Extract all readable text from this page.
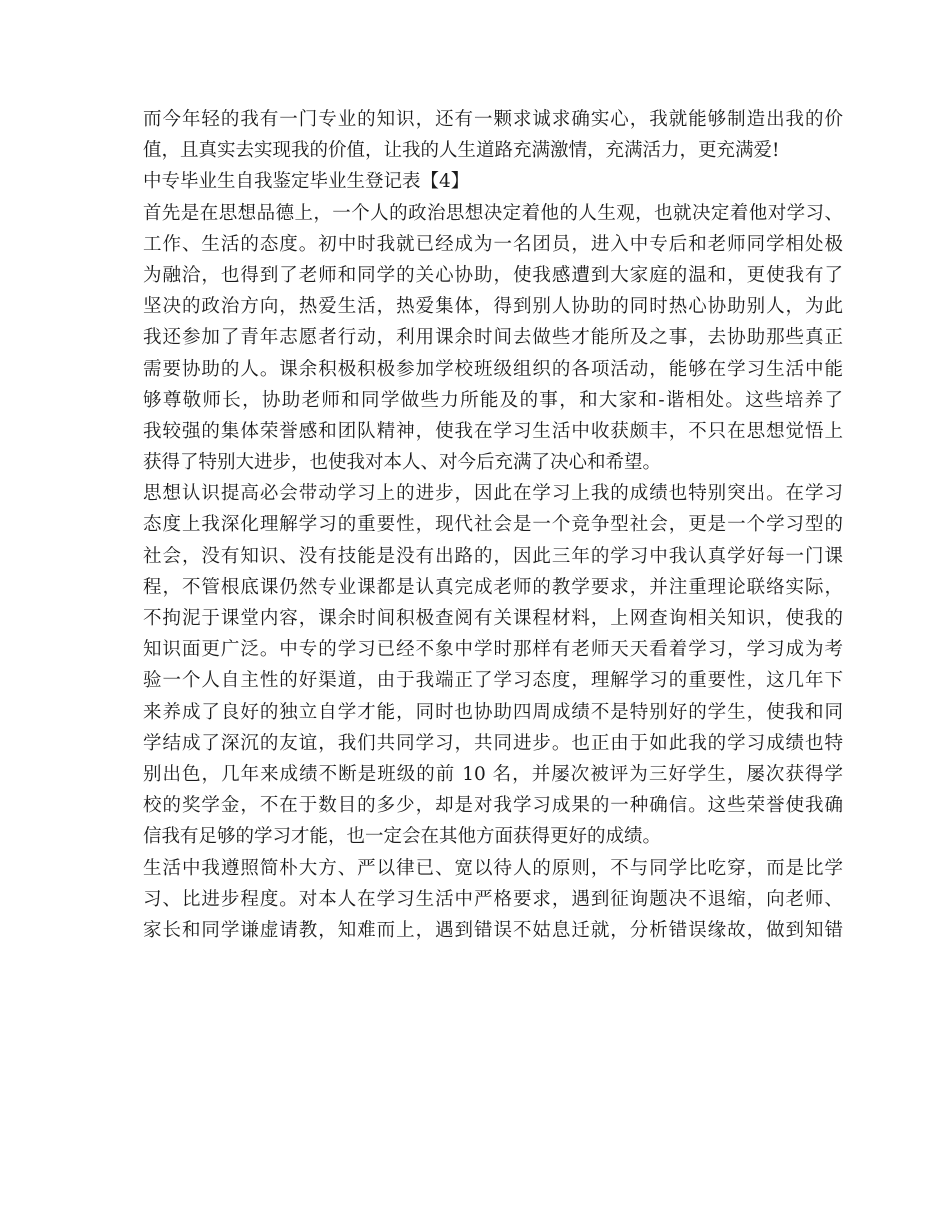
而今年轻的我有一门专业的知识，还有一颗求诚求确实心，我就能够制造出我的价
值，且真实去实现我的价值，让我的人生道路充满激情，充满活力，更充满爱!
中专毕业生自我鉴定毕业生登记表【4】
首先是在思想品德上，一个人的政治思想决定着他的人生观，也就决定着他对学习、
工作、生活的态度。初中时我就已经成为一名团员，进入中专后和老师同学相处极
为融洽，也得到了老师和同学的关心协助，使我感遭到大家庭的温和，更使我有了
坚决的政治方向，热爱生活，热爱集体，得到别人协助的同时热心协助别人，为此
我还参加了青年志愿者行动，利用课余时间去做些才能所及之事，去协助那些真正
需要协助的人。课余积极积极参加学校班级组织的各项活动，能够在学习生活中能
够尊敬师长，协助老师和同学做些力所能及的事，和大家和-谐相处。这些培养了
我较强的集体荣誉感和团队精神，使我在学习生活中收获颇丰，不只在思想觉悟上
获得了特别大进步，也使我对本人、对今后充满了决心和希望。
思想认识提高必会带动学习上的进步，因此在学习上我的成绩也特别突出。在学习
态度上我深化理解学习的重要性，现代社会是一个竞争型社会，更是一个学习型的
社会，没有知识、没有技能是没有出路的，因此三年的学习中我认真学好每一门课
程，不管根底课仍然专业课都是认真完成老师的教学要求，并注重理论联络实际，
不拘泥于课堂内容，课余时间积极查阅有关课程材料，上网查询相关知识，使我的
知识面更广泛。中专的学习已经不象中学时那样有老师天天看着学习，学习成为考
验一个人自主性的好渠道，由于我端正了学习态度，理解学习的重要性，这几年下
来养成了良好的独立自学才能，同时也协助四周成绩不是特别好的学生，使我和同
学结成了深沉的友谊，我们共同学习，共同进步。也正由于如此我的学习成绩也特
别出色，几年来成绩不断是班级的前 10 名，并屡次被评为三好学生，屡次获得学
校的奖学金，不在于数目的多少，却是对我学习成果的一种确信。这些荣誉使我确
信我有足够的学习才能，也一定会在其他方面获得更好的成绩。
生活中我遵照简朴大方、严以律已、宽以待人的原则，不与同学比吃穿，而是比学
习、比进步程度。对本人在学习生活中严格要求，遇到征询题决不退缩，向老师、
家长和同学谦虚请教，知难而上，遇到错误不姑息迁就，分析错误缘故，做到知错
